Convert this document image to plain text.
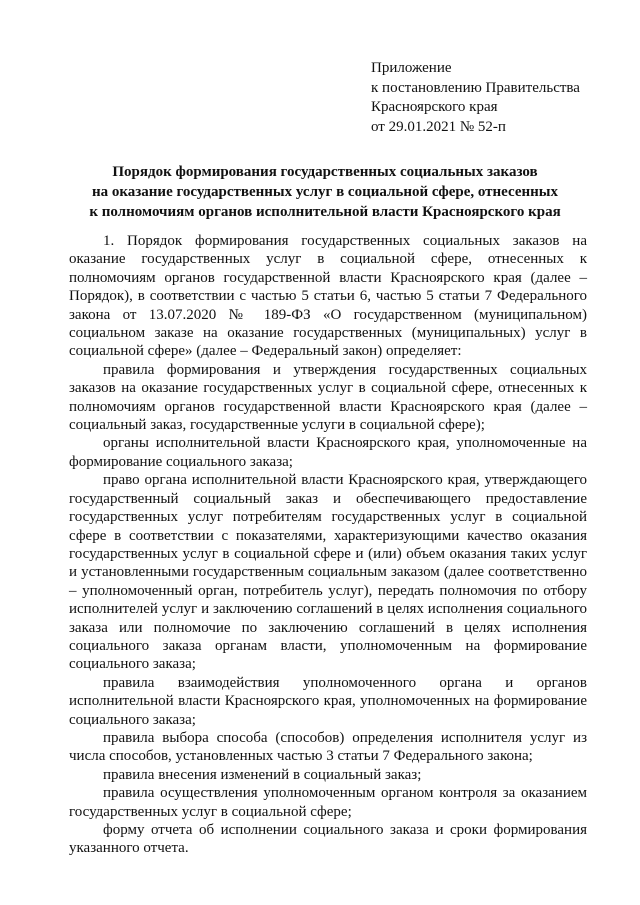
Приложение
к постановлению Правительства
Красноярского края
от 29.01.2021 № 52-п
Порядок формирования государственных социальных заказов
на оказание государственных услуг в социальной сфере, отнесенных
к полномочиям органов исполнительной власти Красноярского края

1. Порядок формирования государственных социальных заказов на оказание государственных услуг в социальной сфере, отнесенных к полномочиям органов государственной власти Красноярского края (далее – Порядок), в соответствии с частью 5 статьи 6, частью 5 статьи 7 Федерального закона от 13.07.2020 № 189-ФЗ «О государственном (муниципальном) социальном заказе на оказание государственных (муниципальных) услуг в социальной сфере» (далее – Федеральный закон) определяет:

правила формирования и утверждения государственных социальных заказов на оказание государственных услуг в социальной сфере, отнесенных к полномочиям органов государственной власти Красноярского края (далее – социальный заказ, государственные услуги в социальной сфере);

органы исполнительной власти Красноярского края, уполномоченные на формирование социального заказа;

право органа исполнительной власти Красноярского края, утверждающего государственный социальный заказ и обеспечивающего предоставление государственных услуг потребителям государственных услуг в социальной сфере в соответствии с показателями, характеризующими качество оказания государственных услуг в социальной сфере и (или) объем оказания таких услуг и установленными государственным социальным заказом (далее соответственно – уполномоченный орган, потребитель услуг), передать полномочия по отбору исполнителей услуг и заключению соглашений в целях исполнения социального заказа или полномочие по заключению соглашений в целях исполнения социального заказа органам власти, уполномоченным на формирование социального заказа;

правила взаимодействия уполномоченного органа и органов исполнительной власти Красноярского края, уполномоченных на формирование социального заказа;

правила выбора способа (способов) определения исполнителя услуг из числа способов, установленных частью 3 статьи 7 Федерального закона;

правила внесения изменений в социальный заказ;

правила осуществления уполномоченным органом контроля за оказанием государственных услуг в социальной сфере;

форму отчета об исполнении социального заказа и сроки формирования указанного отчета.
